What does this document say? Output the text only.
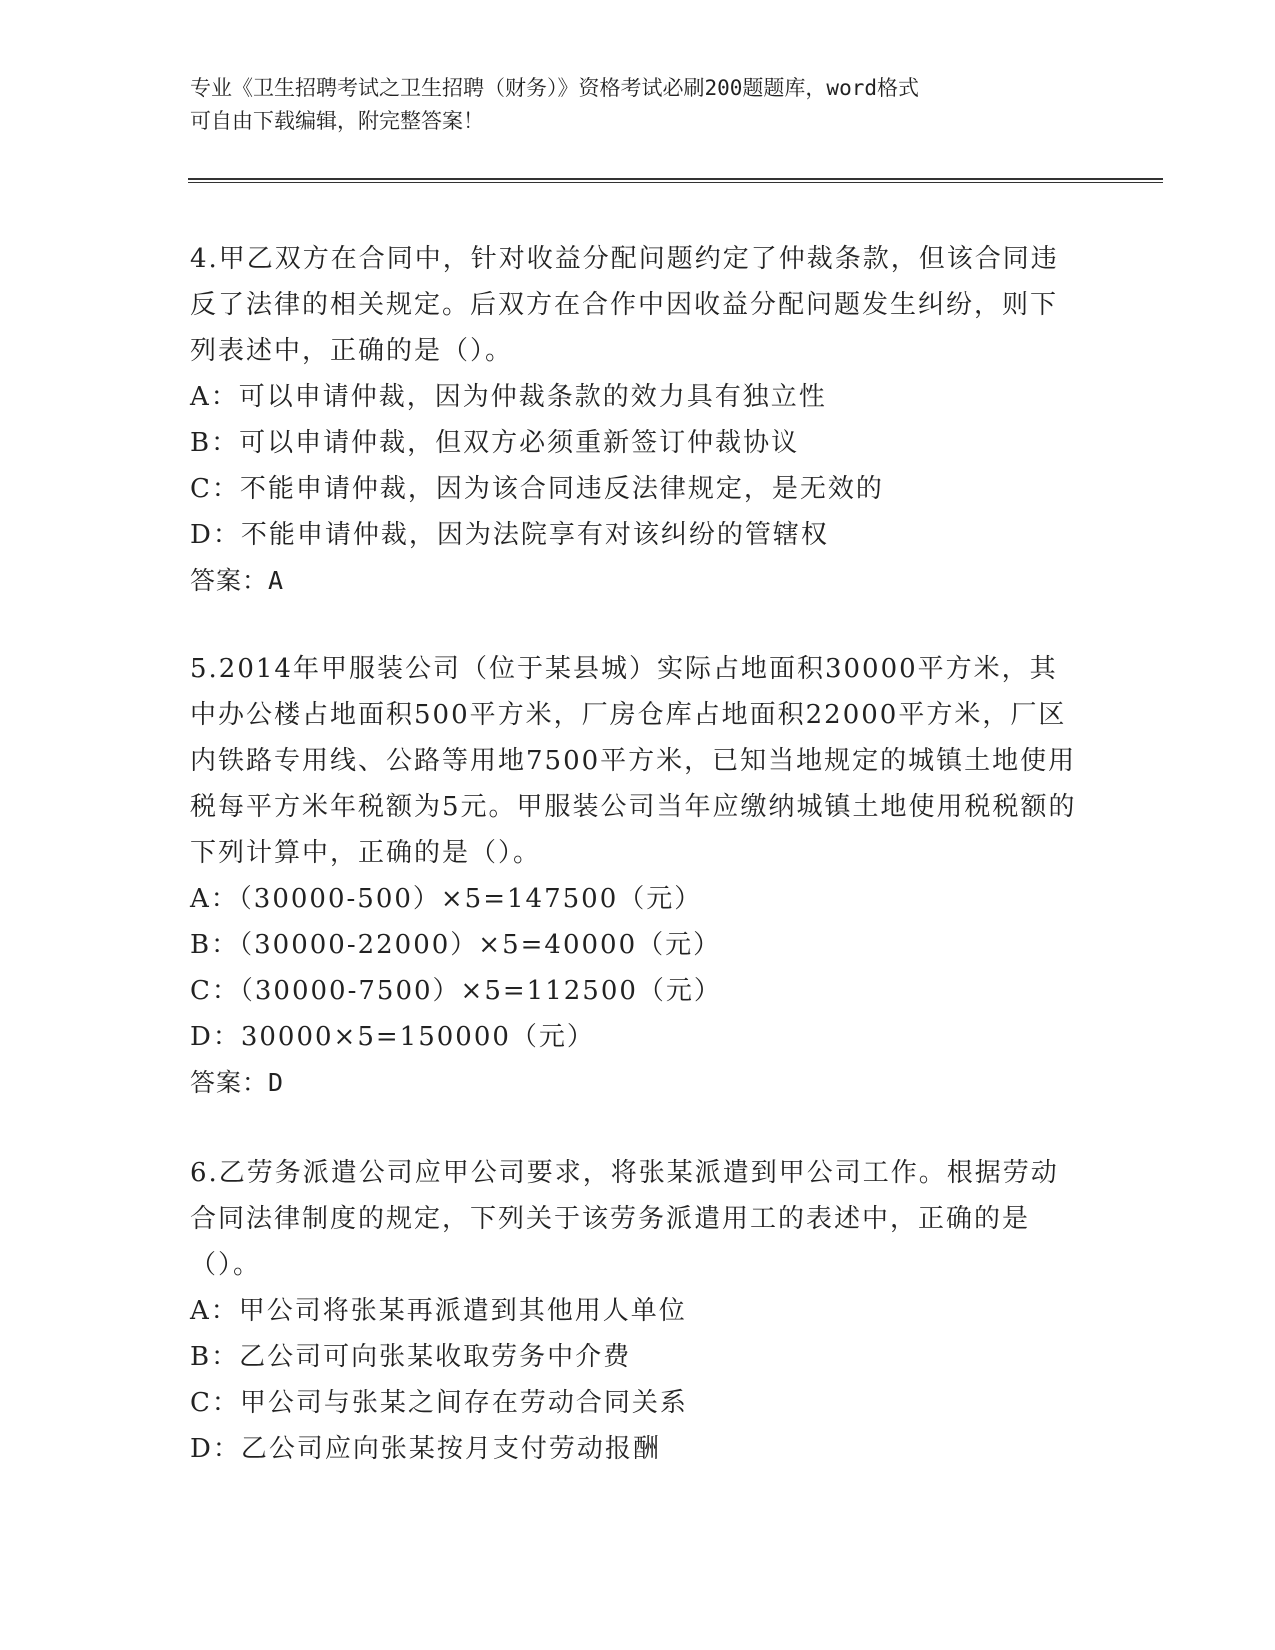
专业《卫生招聘考试之卫生招聘（财务）》资格考试必刷200题题库，word格式
可自由下载编辑，附完整答案！
4.甲乙双方在合同中，针对收益分配问题约定了仲裁条款，但该合同违反了法律的相关规定。后双方在合作中因收益分配问题发生纠纷，则下列表述中，正确的是（）。
A：可以申请仲裁，因为仲裁条款的效力具有独立性
B：可以申请仲裁，但双方必须重新签订仲裁协议
C：不能申请仲裁，因为该合同违反法律规定，是无效的
D：不能申请仲裁，因为法院享有对该纠纷的管辖权
答案：A
5.2014年甲服装公司（位于某县城）实际占地面积30000平方米，其中办公楼占地面积500平方米，厂房仓库占地面积22000平方米，厂区内铁路专用线、公路等用地7500平方米，已知当地规定的城镇土地使用税每平方米年税额为5元。甲服装公司当年应缴纳城镇土地使用税税额的下列计算中，正确的是（）。
A：（30000-500）×5=147500（元）
B：（30000-22000）×5=40000（元）
C：（30000-7500）×5=112500（元）
D：30000×5=150000（元）
答案：D
6.乙劳务派遣公司应甲公司要求，将张某派遣到甲公司工作。根据劳动合同法律制度的规定，下列关于该劳务派遣用工的表述中，正确的是（）。
A：甲公司将张某再派遣到其他用人单位
B：乙公司可向张某收取劳务中介费
C：甲公司与张某之间存在劳动合同关系
D：乙公司应向张某按月支付劳动报酬
